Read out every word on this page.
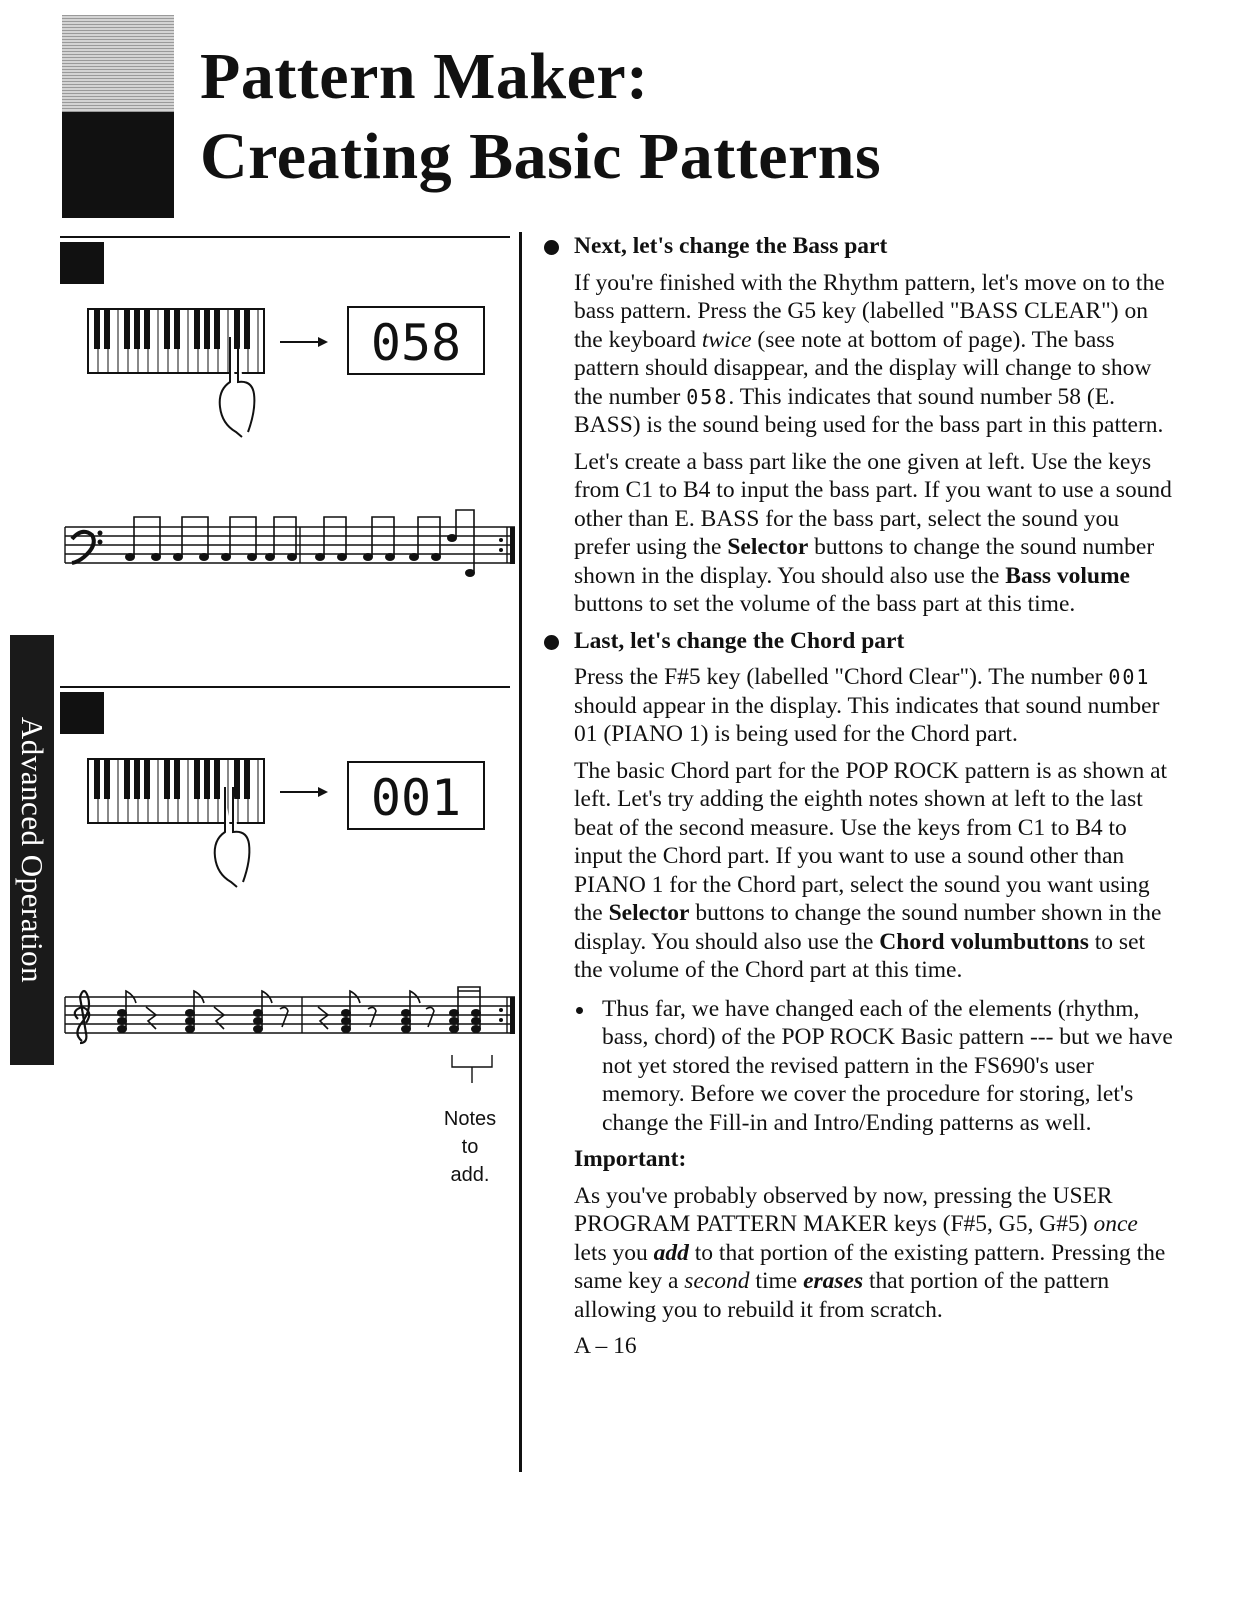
Pattern Maker:
Creating Basic Patterns
Advanced Operation
058
001
Notes
to
add.

Next, let's change the Bass part

If you're finished with the Rhythm pattern, let's move on to the bass pattern. Press the G5 key (labelled "BASS CLEAR") on the keyboard twice (see note at bottom of page). The bass pattern should disappear, and the display will change to show the number 058. This indicates that sound number 58 (E. BASS) is the sound being used for the bass part in this pattern.

Let's create a bass part like the one given at left. Use the keys from C1 to B4 to input the bass part. If you want to use a sound other than E. BASS for the bass part, select the sound you prefer using the Selector buttons to change the sound number shown in the display. You should also use the Bass volume buttons to set the volume of the bass part at this time.

Last, let's change the Chord part

Press the F#5 key (labelled "Chord Clear"). The number 001 should appear in the display. This indicates that sound number 01 (PIANO 1) is being used for the Chord part.

The basic Chord part for the POP ROCK pattern is as shown at left. Let's try adding the eighth notes shown at left to the last beat of the second measure. Use the keys from C1 to B4 to input the Chord part. If you want to use a sound other than PIANO 1 for the Chord part, select the sound you want using the Selector buttons to change the sound number shown in the display. You should also use the Chord volumbuttons to set the volume of the Chord part at this time.

Thus far, we have changed each of the elements (rhythm, bass, chord) of the POP ROCK Basic pattern --- but we have not yet stored the revised pattern in the FS690's user memory. Before we cover the procedure for storing, let's change the Fill-in and Intro/Ending patterns as well.

Important:

As you've probably observed by now, pressing the USER PROGRAM PATTERN MAKER keys (F#5, G5, G#5) once lets you add to that portion of the existing pattern. Pressing the same key a second time erases that portion of the pattern allowing you to rebuild it from scratch.

A – 16
